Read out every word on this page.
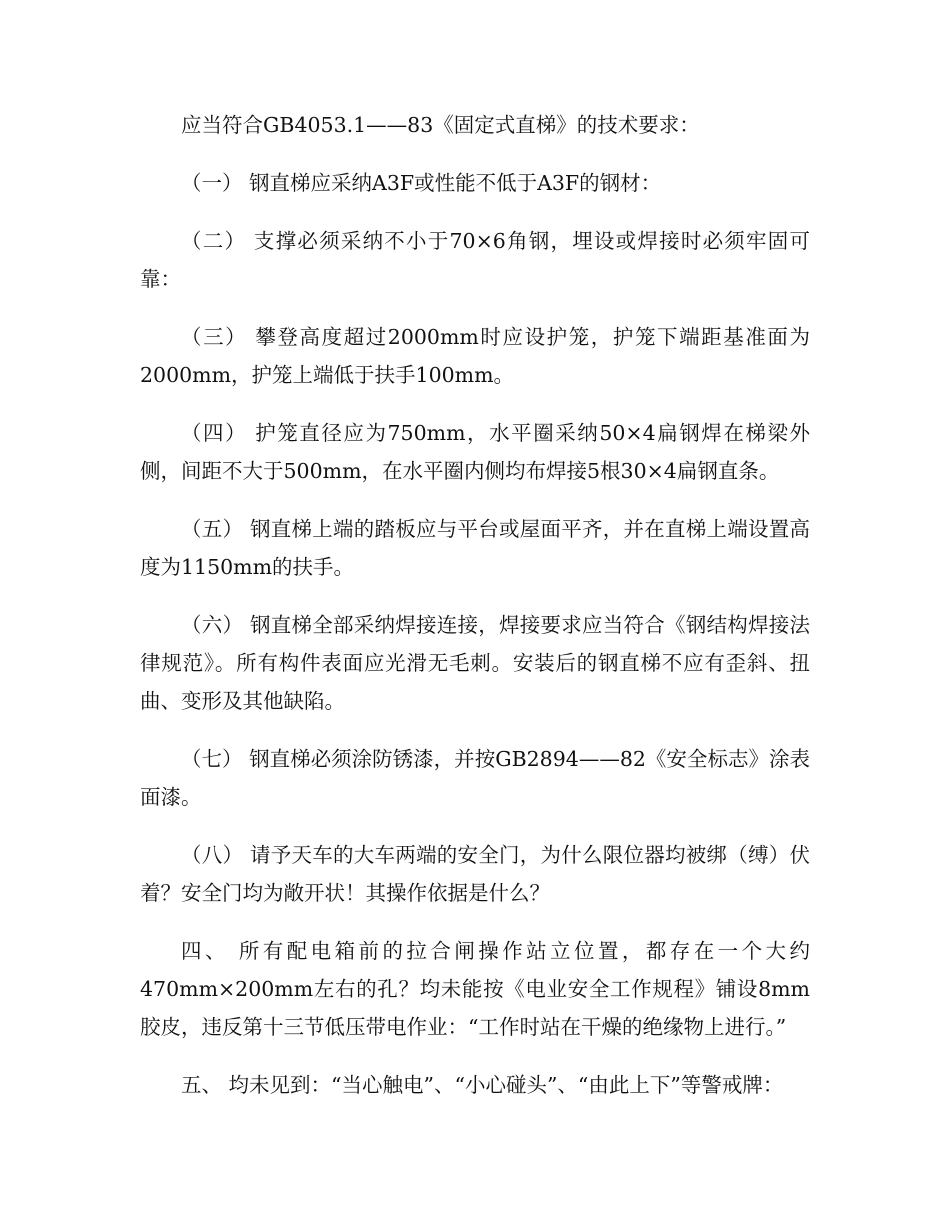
应当符合GB4053.1——83《固定式直梯》的技术要求：

（一） 钢直梯应采纳A3F或性能不低于A3F的钢材：

（二） 支撑必须采纳不小于70×6角钢，埋设或焊接时必须牢固可靠：

（三） 攀登高度超过2000mm时应设护笼，护笼下端距基准面为2000mm，护笼上端低于扶手100mm。

（四） 护笼直径应为750mm，水平圈采纳50×4扁钢焊在梯梁外侧，间距不大于500mm，在水平圈内侧均布焊接5根30×4扁钢直条。

（五） 钢直梯上端的踏板应与平台或屋面平齐，并在直梯上端设置高度为1150mm的扶手。

（六） 钢直梯全部采纳焊接连接，焊接要求应当符合《钢结构焊接法律规范》。所有构件表面应光滑无毛刺。安装后的钢直梯不应有歪斜、扭曲、变形及其他缺陷。

（七） 钢直梯必须涂防锈漆，并按GB2894——82《安全标志》涂表面漆。

（八） 请予天车的大车两端的安全门，为什么限位器均被绑（缚）伏着？安全门均为敞开状！其操作依据是什么？

四、 所有配电箱前的拉合闸操作站立位置，都存在一个大约470mm×200mm左右的孔？均未能按《电业安全工作规程》铺设8mm胶皮，违反第十三节低压带电作业：“工作时站在干燥的绝缘物上进行。”

五、 均未见到：“当心触电”、“小心碰头”、“由此上下”等警戒牌：
